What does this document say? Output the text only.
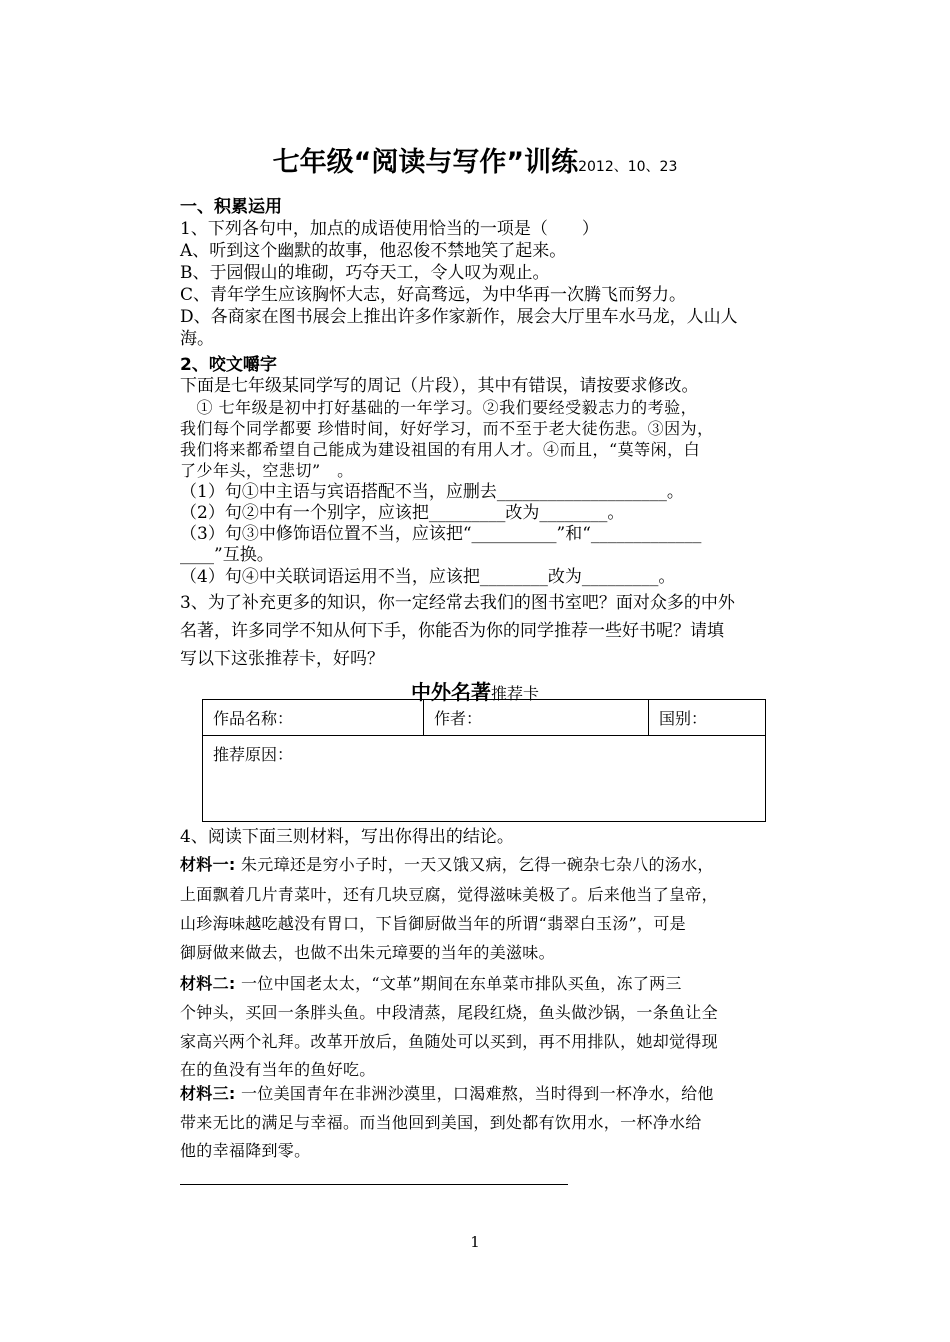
七年级“阅读与写作”训练2012、10、23
一、积累运用
1、下列各句中，加点的成语使用恰当的一项是（　　）
A、听到这个幽默的故事，他忍俊不禁地笑了起来。
B、于园假山的堆砌，巧夺天工，令人叹为观止。
C、青年学生应该胸怀大志，好高骛远，为中华再一次腾飞而努力。
D、各商家在图书展会上推出许多作家新作，展会大厅里车水马龙，人山人
海。
2、咬文嚼字
下面是七年级某同学写的周记（片段），其中有错误，请按要求修改。
　① 七年级是初中打好基础的一年学习。②我们要经受毅志力的考验，
我们每个同学都要 珍惜时间，好好学习，而不至于老大徒伤悲。③因为，
我们将来都希望自己能成为建设祖国的有用人才。④而且，“莫等闲，白
了少年头，空悲切”　。
（1）句①中主语与宾语搭配不当，应删去____________________。
（2）句②中有一个别字，应该把_________改为________。
（3）句③中修饰语位置不当，应该把“__________”和“_____________
____”互换。
（4）句④中关联词语运用不当，应该把________改为_________。
3、为了补充更多的知识，你一定经常去我们的图书室吧？面对众多的中外
名著，许多同学不知从何下手，你能否为你的同学推荐一些好书呢？请填
写以下这张推荐卡，好吗？
中外名著推荐卡
作品名称：	作者：	国别：
推荐原因：
4、阅读下面三则材料，写出你得出的结论。
材料一: 朱元璋还是穷小子时，一天又饿又病，乞得一碗杂七杂八的汤水，
上面飘着几片青菜叶，还有几块豆腐，觉得滋味美极了。后来他当了皇帝，
山珍海味越吃越没有胃口，下旨御厨做当年的所谓“翡翠白玉汤”，可是
御厨做来做去，也做不出朱元璋要的当年的美滋味。
材料二: 一位中国老太太，“文革”期间在东单菜市排队买鱼，冻了两三
个钟头，买回一条胖头鱼。中段清蒸，尾段红烧，鱼头做沙锅，一条鱼让全
家高兴两个礼拜。改革开放后，鱼随处可以买到，再不用排队，她却觉得现
在的鱼没有当年的鱼好吃。
材料三: 一位美国青年在非洲沙漠里，口渴难熬，当时得到一杯净水，给他
带来无比的满足与幸福。而当他回到美国，到处都有饮用水，一杯净水给
他的幸福降到零。
1
